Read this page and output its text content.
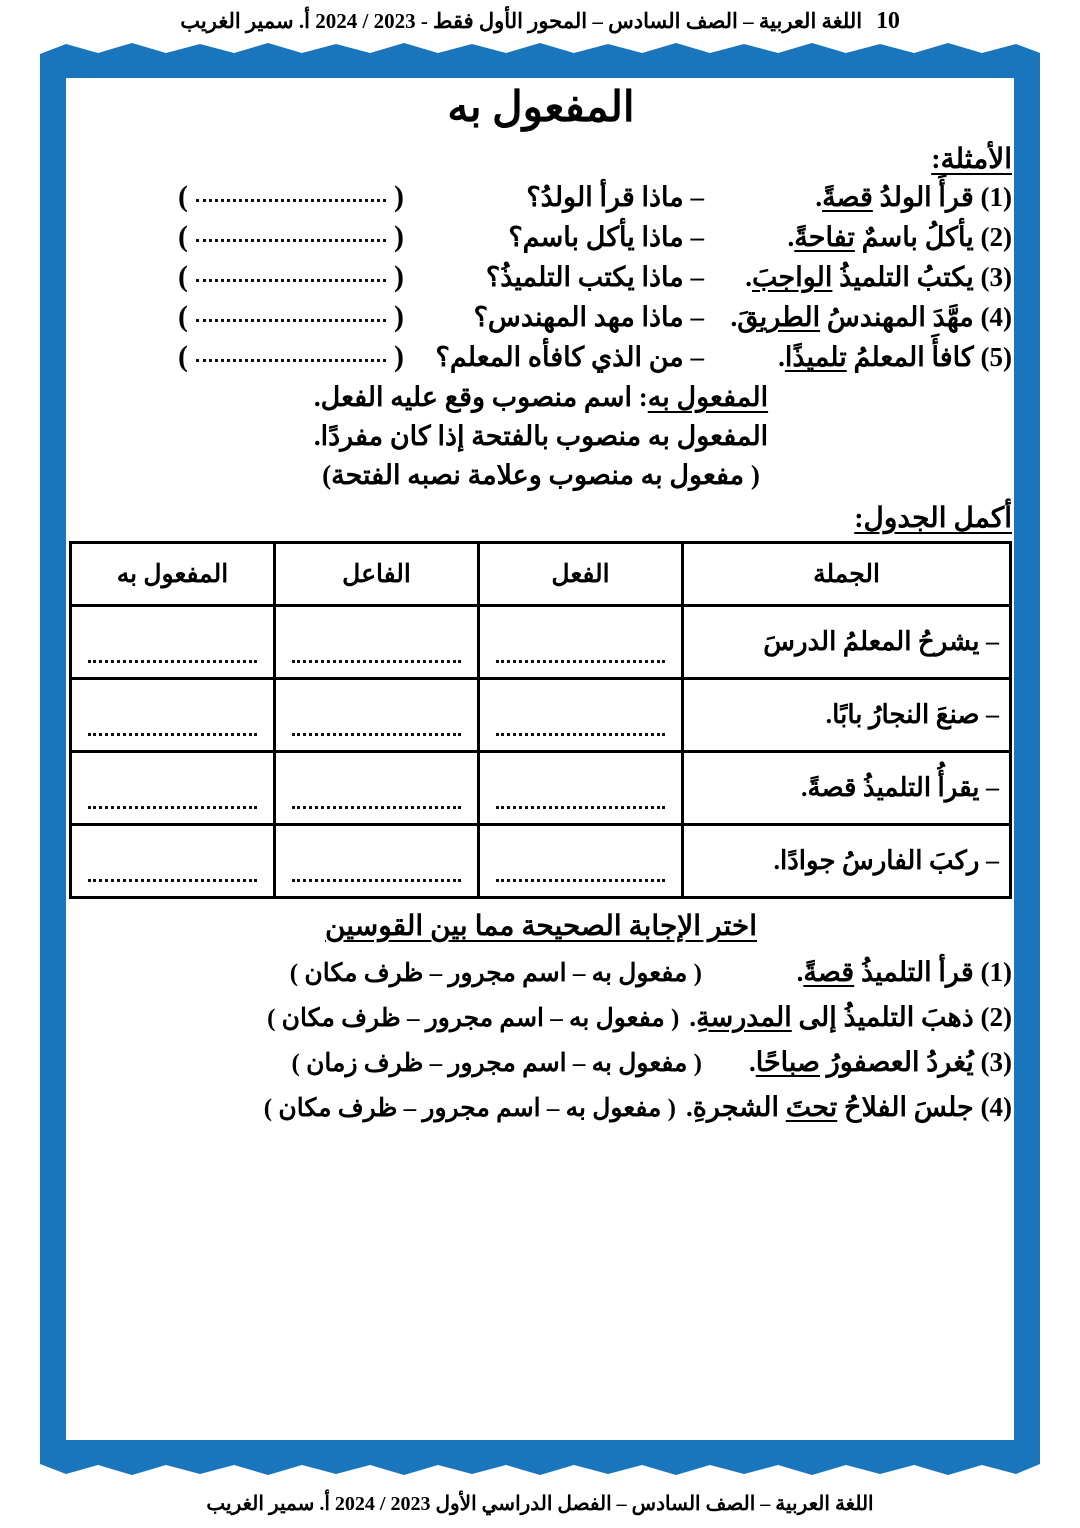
10
اللغة العربية – الصف السادس – المحور الأول فقط - 2023 / 2024 أ. سمير الغريب
المفعول به
الأمثلة:
(1) قرأَ الولدُ قصةً.
– ماذا قرأ الولدُ؟
(
)
(2) يأكلُ باسمٌ تفاحةً.
– ماذا يأكل باسم؟
(
)
(3) يكتبُ التلميذُ الواجبَ.
– ماذا يكتب التلميذُ؟
(
)
(4) مهَّدَ المهندسُ الطريقَ.
– ماذا مهد المهندس؟
(
)
(5) كافأَ المعلمُ تلميذًا.
– من الذي كافأه المعلم؟
(
)
المفعول به: اسم منصوب وقع عليه الفعل.
المفعول به منصوب بالفتحة إذا كان مفردًا.
( مفعول به منصوب وعلامة نصبه الفتحة)
أكمل الجدول:
الجملة	الفعل	الفاعل	المفعول به
– يشرحُ المعلمُ الدرسَ	

– صنعَ النجارُ بابًا.	

– يقرأُ التلميذُ قصةً.	

– ركبَ الفارسُ جوادًا.	

اختر الإجابة الصحيحة مما بين القوسين
(1) قرأ التلميذُ قصةً.
( مفعول به – اسم مجرور – ظرف مكان )
(2) ذهبَ التلميذُ إلى المدرسةِ.
( مفعول به – اسم مجرور – ظرف مكان )
(3) يُغردُ العصفورُ صباحًا.
( مفعول به – اسم مجرور – ظرف زمان )
(4) جلسَ الفلاحُ تحتَ الشجرةِ.
( مفعول به – اسم مجرور – ظرف مكان )
اللغة العربية – الصف السادس – الفصل الدراسي الأول 2023 / 2024 أ. سمير الغريب
